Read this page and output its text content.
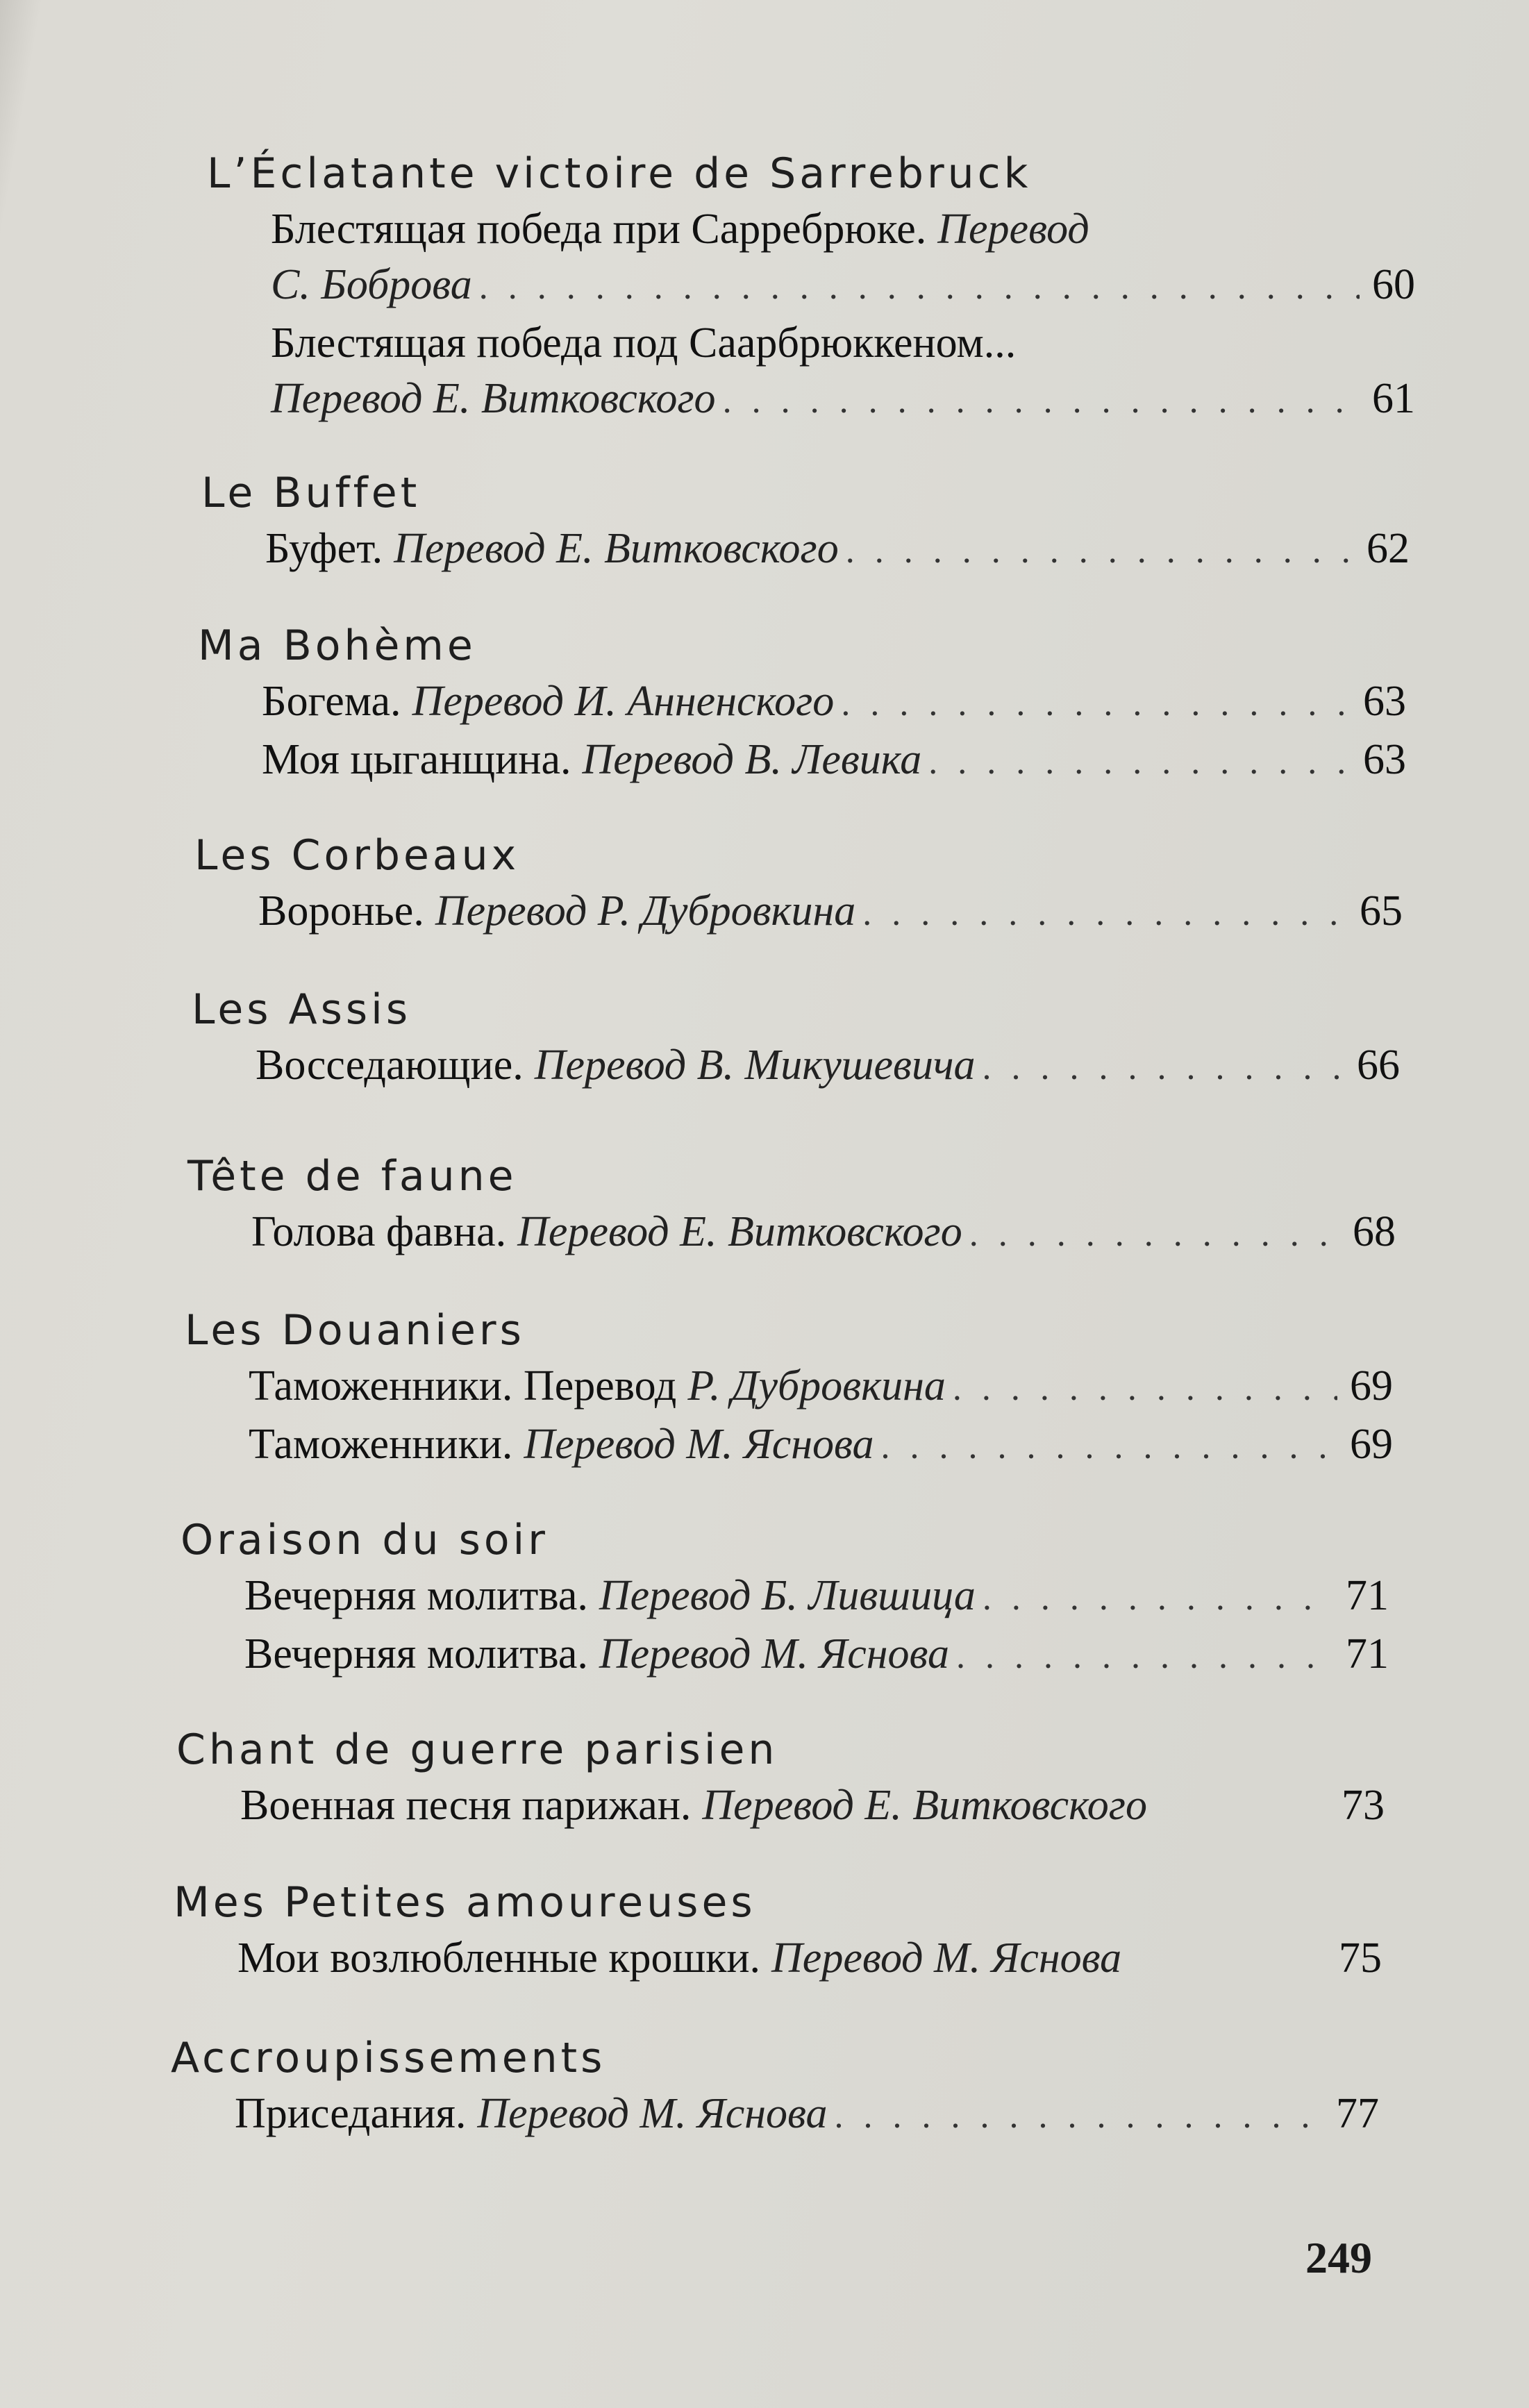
L’Éclatante victoire de Sarrebruck
Блестящая победа при Сарребрюке. Перевод
С. Боброва . . .	60
Блестящая победа под Саарбрюккеном...
Перевод Е. Витковского . . .	61
Le Buffet
Буфет. Перевод Е. Витковского . . .	62
Ma Bohème
Богема. Перевод И. Анненского . . .	63
Моя цыганщина. Перевод В. Левика . . .	63
Les Corbeaux
Воронье. Перевод Р. Дубровкина . . .	65
Les Assis
Восседающие. Перевод В. Микушевича . . .	66
Tête de faune
Голова фавна. Перевод Е. Витковского . . .	68
Les Douaniers
Таможенники. Перевод Р. Дубровкина . . .	69
Таможенники. Перевод М. Яснова . . .	69
Oraison du soir
Вечерняя молитва. Перевод Б. Лившица . . .	71
Вечерняя молитва. Перевод М. Яснова . . .	71
Chant de guerre parisien
Военная песня парижан. Перевод Е. Витковского	73
Mes Petites amoureuses
Мои возлюбленные крошки. Перевод М. Яснова	75
Accroupissements
Приседания. Перевод М. Яснова . . .	77
249
